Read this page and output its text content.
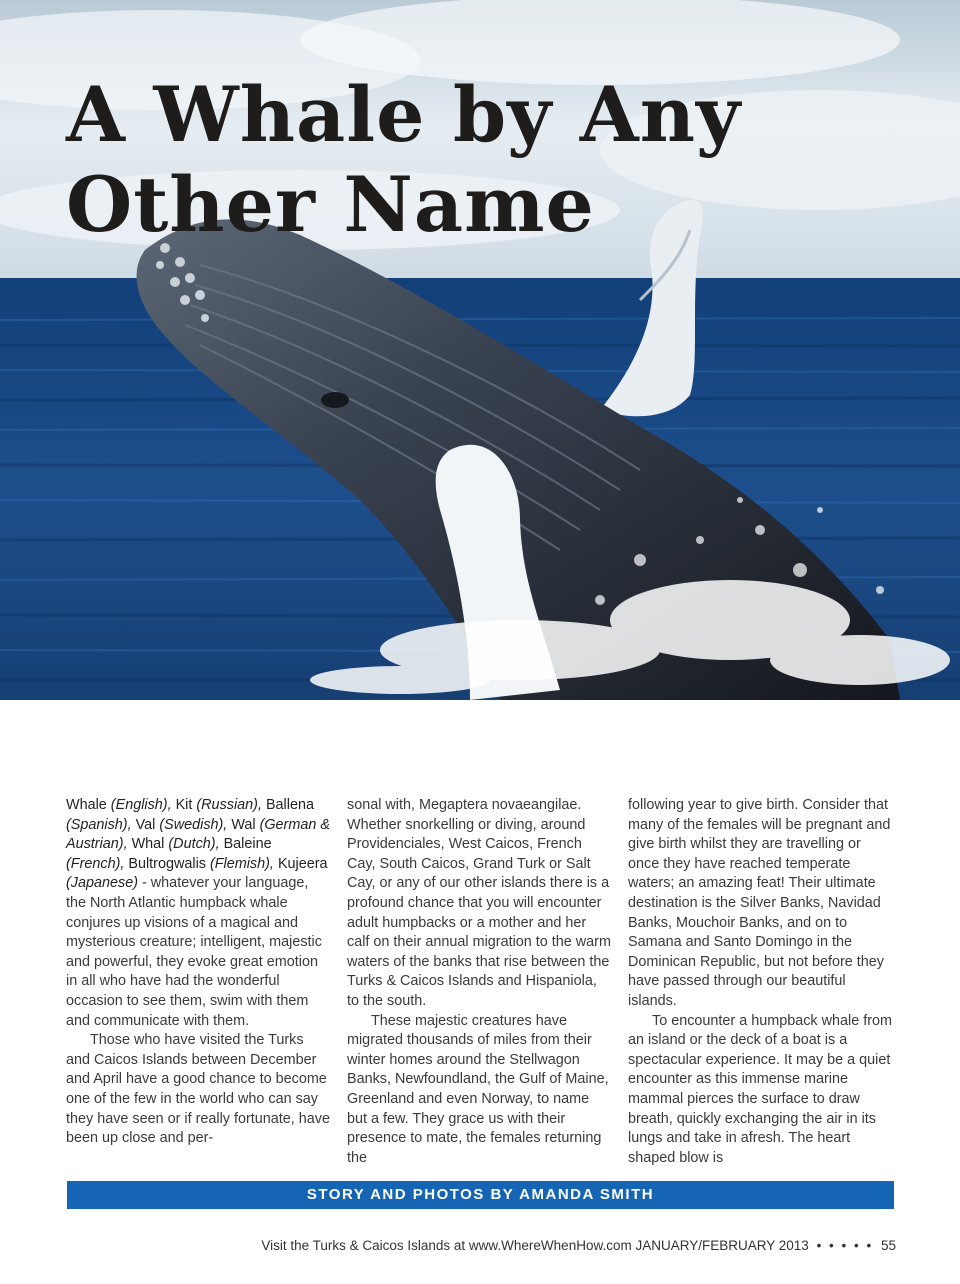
A Whale by Any
Other Name

Whale (English), Kit (Russian), Ballena (Spanish), Val (Swedish), Wal (German & Austrian), Whal (Dutch), Baleine (French), Bultrogwalis (Flemish), Kujeera (Japanese) - whatever your language, the North Atlantic humpback whale conjures up visions of a magical and mysterious creature; intelligent, majestic and powerful, they evoke great emotion in all who have had the wonderful occasion to see them, swim with them and communicate with them.

Those who have visited the Turks and Caicos Islands between December and April have a good chance to become one of the few in the world who can say they have seen or if really fortunate, have been up close and per-

sonal with, Megaptera novaeangilae. Whether snorkelling or diving, around Providenciales, West Caicos, French Cay, South Caicos, Grand Turk or Salt Cay, or any of our other islands there is a profound chance that you will encounter adult humpbacks or a mother and her calf on their annual migration to the warm waters of the banks that rise between the Turks & Caicos Islands and Hispaniola, to the south.

These majestic creatures have migrated thousands of miles from their winter homes around the Stellwagon Banks, Newfoundland, the Gulf of Maine, Greenland and even Norway, to name but a few. They grace us with their presence to mate, the females returning the

following year to give birth. Consider that many of the females will be pregnant and give birth whilst they are travelling or once they have reached temperate waters; an amazing feat! Their ultimate destination is the Silver Banks, Navidad Banks, Mouchoir Banks, and on to Samana and Santo Domingo in the Dominican Republic, but not before they have passed through our beautiful islands.

To encounter a humpback whale from an island or the deck of a boat is a spectacular experience. It may be a quiet encounter as this immense marine mammal pierces the surface to draw breath, quickly exchanging the air in its lungs and take in afresh. The heart shaped blow is

STORY AND PHOTOS BY AMANDA SMITH
Visit the Turks & Caicos Islands at www.WhereWhenHow.com JANUARY/FEBRUARY 2013 • • • • • 55
